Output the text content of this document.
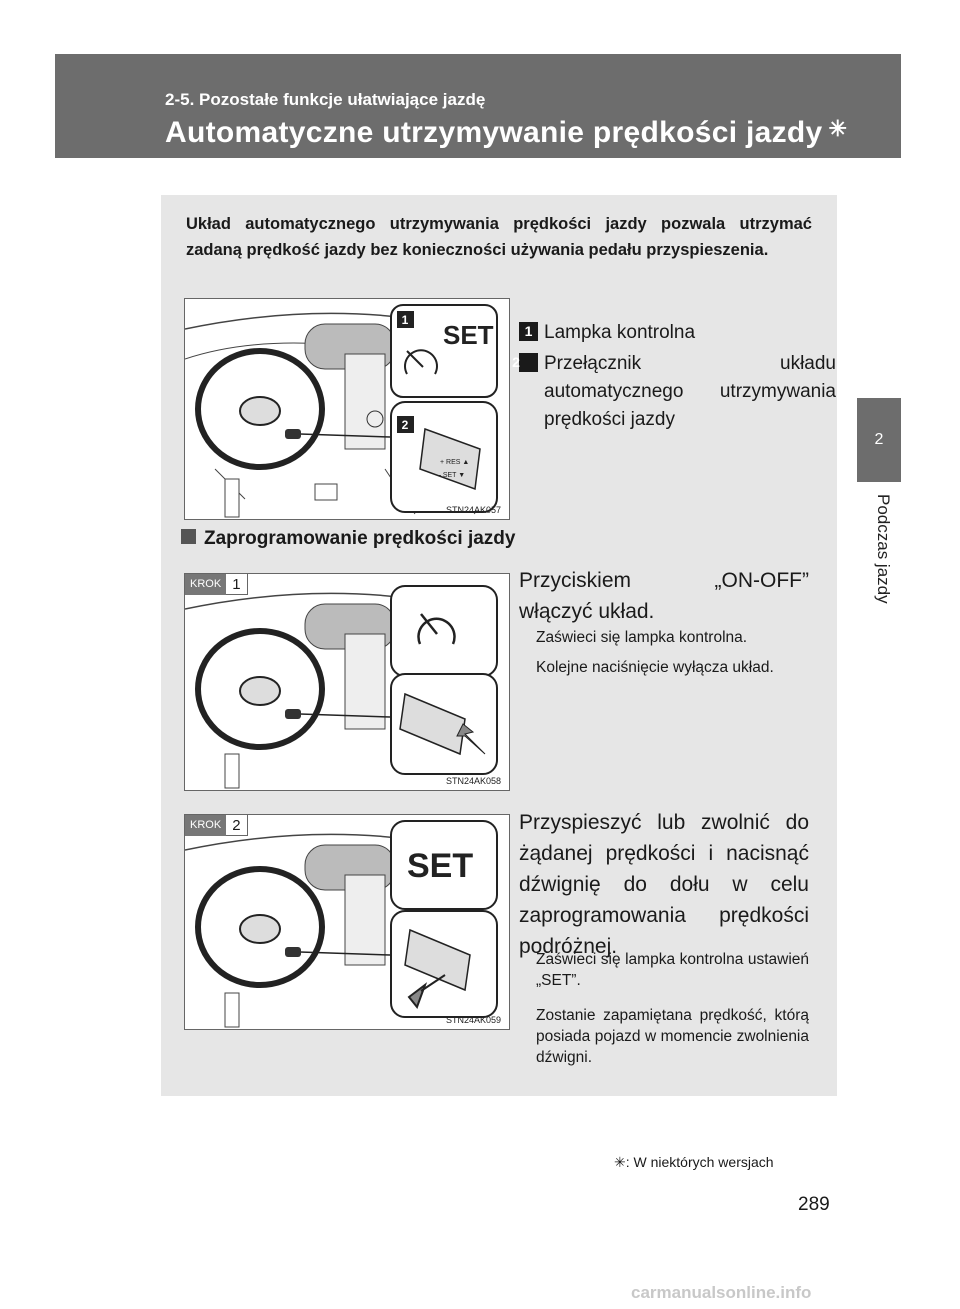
2-5. Pozostałe funkcje ułatwiające jazdę
Automatyczne utrzymywanie prędkości jazdy ✳
2
Podczas jazdy
Układ automatycznego utrzymywania prędkości jazdy pozwala utrzymać zadaną prędkość jazdy bez konieczności używania pedału przyspieszenia.
1 SET
2
+ RES ▲
– SET ▼
STN24AK057
1 Lampka kontrolna
2 Przełącznik układu automatycznego utrzymywania prędkości jazdy
Zaprogramowanie prędkości jazdy
KROK 1
STN24AK058
Przyciskiem „ON-OFF” włączyć układ.
Zaświeci się lampka kontrolna.
Kolejne naciśnięcie wyłącza układ.
SET
KROK 2
STN24AK059
Przyspieszyć lub zwolnić do żądanej prędkości i nacisnąć dźwignię do dołu w celu zaprogramowania prędkości podróżnej.
Zaświeci się lampka kontrolna ustawień „SET”.
Zostanie zapamiętana prędkość, którą posiada pojazd w momencie zwolnienia dźwigni.
✳: W niektórych wersjach
289
carmanualsonline.info
